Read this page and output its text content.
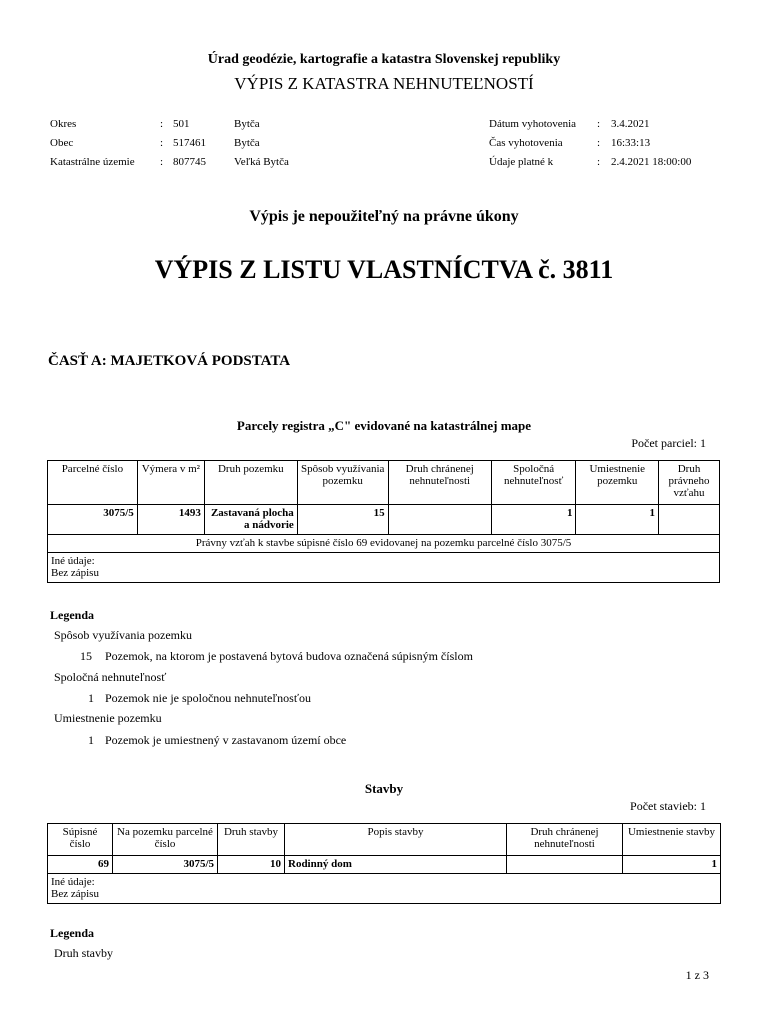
Úrad geodézie, kartografie a katastra Slovenskej republiky
VÝPIS Z KATASTRA NEHNUTEĽNOSTÍ
Okres	: 501	Bytča
Obec	: 517461	Bytča
Katastrálne územie : 807745	Veľká Bytča
Dátum vyhotovenia : 3.4.2021
Čas vyhotovenia	: 16:33:13
Údaje platné k	: 2.4.2021 18:00:00
Výpis je nepoužiteľný na právne úkony
VÝPIS Z LISTU VLASTNÍCTVA č. 3811
ČASŤ A: MAJETKOVÁ PODSTATA
Parcely registra „C" evidované na katastrálnej mape
Počet parciel: 1
Parcelné číslo	Výmera v m²	Druh pozemku	Spôsob využívania pozemku	Druh chránenej nehnuteľnosti	Spoločná nehnuteľnosť	Umiestnenie pozemku	Druh právneho vzťahu
3075/5	1493	Zastavaná plocha a nádvorie	15		1	1	
Právny vzťah k stavbe súpisné číslo 69 evidovanej na pozemku parcelné číslo 3075/5							

Iné údaje:
Bez zápisu							
Legenda
Spôsob využívania pozemku
15 Pozemok, na ktorom je postavená bytová budova označená súpisným číslom
Spoločná nehnuteľnosť
1 Pozemok nie je spoločnou nehnuteľnosťou
Umiestnenie pozemku
1 Pozemok je umiestnený v zastavanom území obce
Stavby
Počet stavieb: 1
Súpisné číslo	Na pozemku parcelné číslo	Druh stavby	Popis stavby	Druh chránenej nehnuteľnosti	Umiestnenie stavby
69	3075/5	10	Rodinný dom		1

Iné údaje:
Bez zápisu					
Legenda
Druh stavby
1 z 3
